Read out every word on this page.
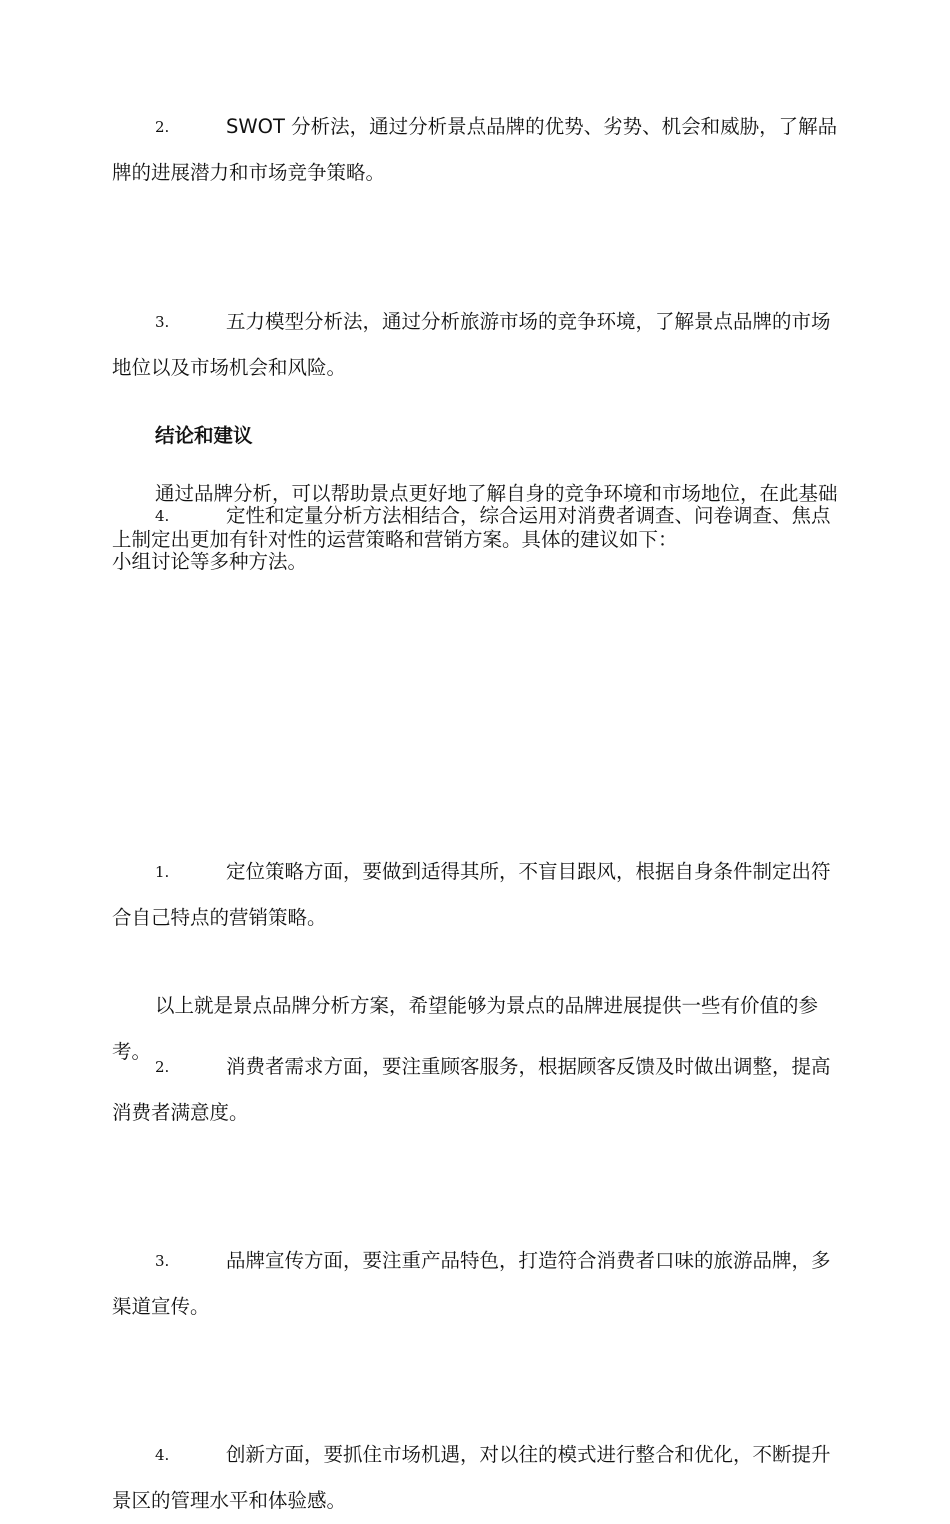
2.	SWOT 分析法，通过分析景点品牌的优势、劣势、机会和威胁，了解品牌的进展潜力和市场竞争策略。

3.	五力模型分析法，通过分析旅游市场的竞争环境，了解景点品牌的市场地位以及市场机会和风险。

4.	定性和定量分析方法相结合，综合运用对消费者调查、问卷调查、焦点小组讨论等多种方法。

结论和建议

通过品牌分析，可以帮助景点更好地了解自身的竞争环境和市场地位，在此基础上制定出更加有针对性的运营策略和营销方案。具体的建议如下：

1.	定位策略方面，要做到适得其所，不盲目跟风，根据自身条件制定出符合自己特点的营销策略。

2.	消费者需求方面，要注重顾客服务，根据顾客反馈及时做出调整，提高消费者满意度。

3.	品牌宣传方面，要注重产品特色，打造符合消费者口味的旅游品牌，多渠道宣传。

4.	创新方面，要抓住市场机遇，对以往的模式进行整合和优化，不断提升景区的管理水平和体验感。

以上就是景点品牌分析方案，希望能够为景点的品牌进展提供一些有价值的参考。
